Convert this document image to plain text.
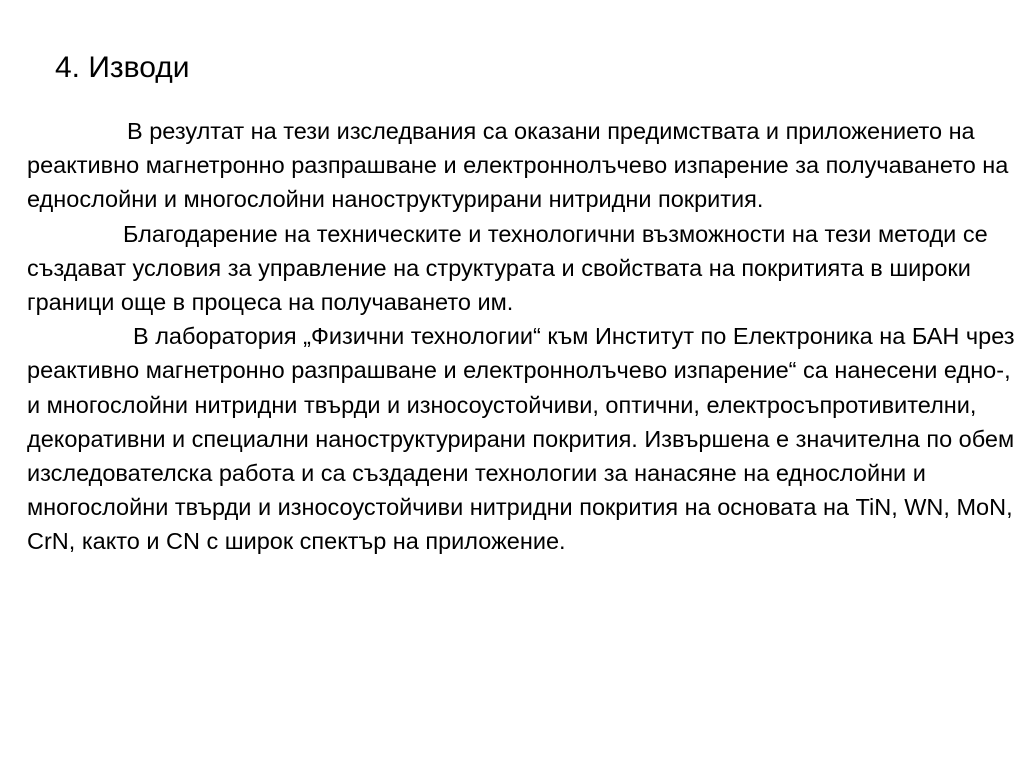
4. Изводи

В резултат на тези изследвания са оказани предимствата и приложението на реактивно магнетронно разпрашване и електроннолъчево изпарение за получаването на еднослойни и многослойни наноструктурирани нитридни покрития.

Благодарение на техническите и технологични възможности на тези методи се създават условия за управление на структурата и свойствата на покритията в широки граници още в процеса на получаването им.

В лаборатория „Физични технологии“ към Институт по Електроника на БАН чрез реактивно магнетронно разпрашване и електроннолъчево изпарение“ са нанесени едно-, и многослойни нитридни твърди и износоустойчиви, оптични, електросъпротивителни, декоративни и специални наноструктурирани покрития. Извършена е значителна по обем изследователска работа и са създадени технологии за нанасяне на еднослойни и многослойни твърди и износоустойчиви нитридни покрития на основата на TiN, WN, MoN, CrN, както и CN с широк спектър на приложение.
